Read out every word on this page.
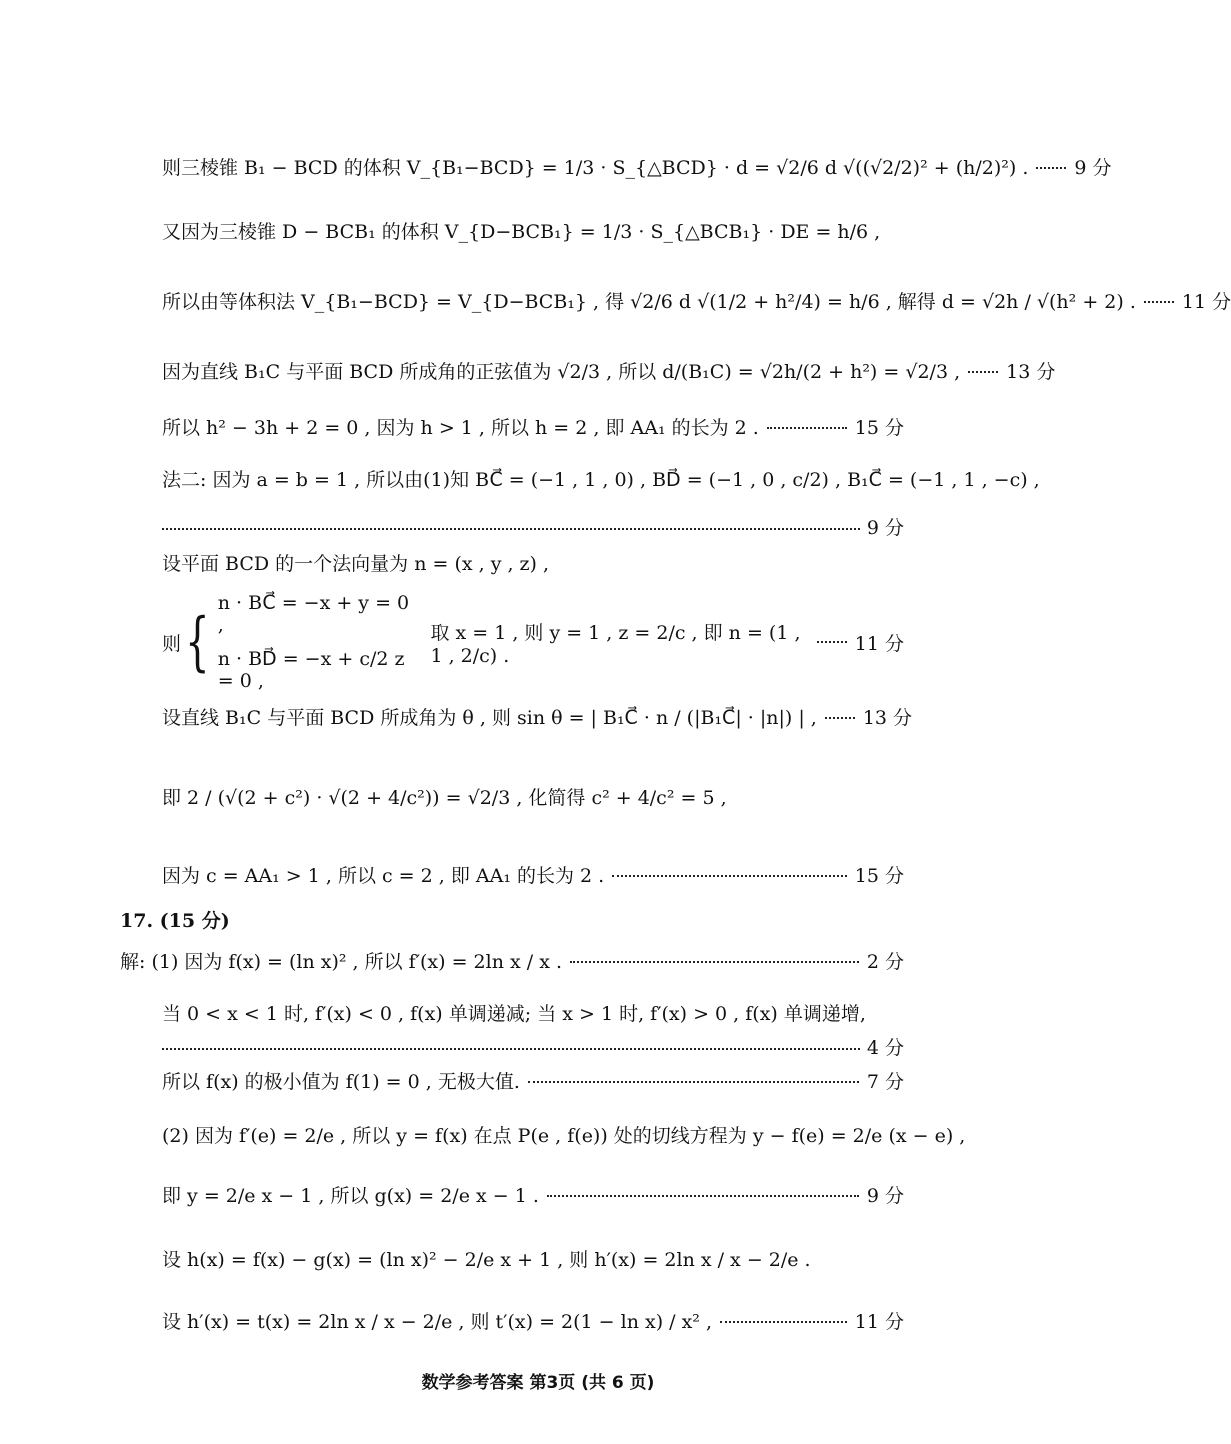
则三棱锥 B₁ − BCD 的体积 V_{B₁−BCD} = 1/3 · S_{△BCD} · d = √2/6 d √((√2/2)² + (h/2)²) . 9 分
又因为三棱锥 D − BCB₁ 的体积 V_{D−BCB₁} = 1/3 · S_{△BCB₁} · DE = h/6 ,
所以由等体积法 V_{B₁−BCD} = V_{D−BCB₁} , 得 √2/6 d √(1/2 + h²/4) = h/6 , 解得 d = √2h / √(h² + 2) . 11 分
因为直线 B₁C 与平面 BCD 所成角的正弦值为 √2/3 , 所以 d/(B₁C) = √2h/(2 + h²) = √2/3 , 13 分
所以 h² − 3h + 2 = 0 , 因为 h > 1 , 所以 h = 2 , 即 AA₁ 的长为 2 .	15 分
法二: 因为 a = b = 1 , 所以由(1)知 BC⃗ = (−1 , 1 , 0) , BD⃗ = (−1 , 0 , c/2) , B₁C⃗ = (−1 , 1 , −c) ,
9 分
设平面 BCD 的一个法向量为 n = (x , y , z) ,
则 {
n · BC⃗ = −x + y = 0 ,
n · BD⃗ = −x + c/2 z = 0 ,
取 x = 1 , 则 y = 1 , z = 2/c , 即 n = (1 , 1 , 2/c) .
11 分
设直线 B₁C 与平面 BCD 所成角为 θ , 则 sin θ = | B₁C⃗ · n / (|B₁C⃗| · |n|) | , 13 分
即 2 / (√(2 + c²) · √(2 + 4/c²)) = √2/3 , 化简得 c² + 4/c² = 5 ,
因为 c = AA₁ > 1 , 所以 c = 2 , 即 AA₁ 的长为 2 .	15 分
17. (15 分)
解: (1) 因为 f(x) = (ln x)² , 所以 f′(x) = 2ln x / x .	2 分
当 0 < x < 1 时, f′(x) < 0 , f(x) 单调递减; 当 x > 1 时, f′(x) > 0 , f(x) 单调递增,
4 分
所以 f(x) 的极小值为 f(1) = 0 , 无极大值.	7 分
(2) 因为 f′(e) = 2/e , 所以 y = f(x) 在点 P(e , f(e)) 处的切线方程为 y − f(e) = 2/e (x − e) ,
即 y = 2/e x − 1 , 所以 g(x) = 2/e x − 1 .	9 分
设 h(x) = f(x) − g(x) = (ln x)² − 2/e x + 1 , 则 h′(x) = 2ln x / x − 2/e .
设 h′(x) = t(x) = 2ln x / x − 2/e , 则 t′(x) = 2(1 − ln x) / x² ,	11 分
数学参考答案 第3页 (共 6 页)
